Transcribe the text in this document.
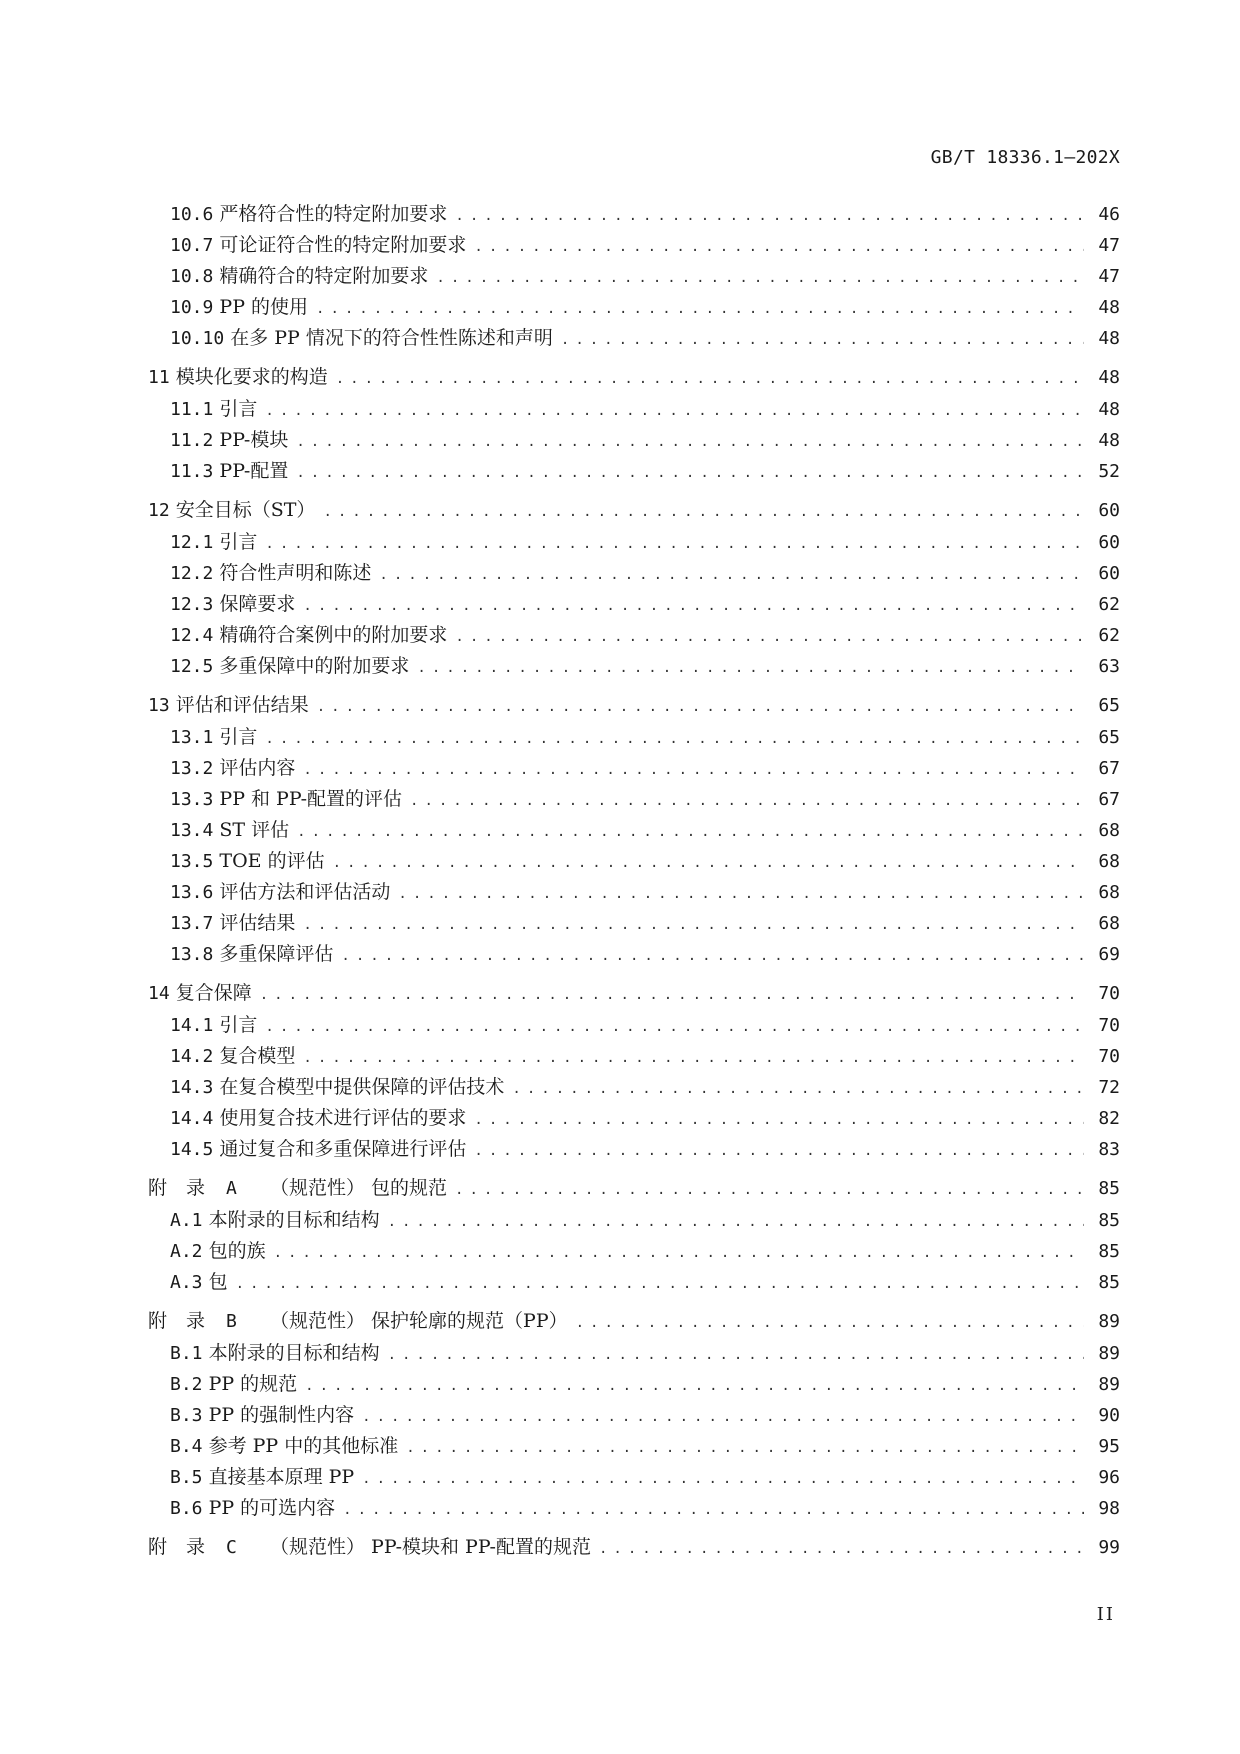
GB/T 18336.1—202X
10.6 严格符合性的特定附加要求 .....	46
10.7 可论证符合性的特定附加要求 .....	47
10.8 精确符合的特定附加要求 .....	47
10.9 PP 的使用 .....	48
10.10 在多 PP 情况下的符合性性陈述和声明 .....	48
11 模块化要求的构造 .....	48
11.1 引言 .....	48
11.2 PP-模块 .....	48
11.3 PP-配置 .....	52
12 安全目标（ST） .....	60
12.1 引言 .....	60
12.2 符合性声明和陈述 .....	60
12.3 保障要求 .....	62
12.4 精确符合案例中的附加要求 .....	62
12.5 多重保障中的附加要求 .....	63
13 评估和评估结果 .....	65
13.1 引言 .....	65
13.2 评估内容 .....	67
13.3 PP 和 PP-配置的评估 .....	67
13.4 ST 评估 .....	68
13.5 TOE 的评估 .....	68
13.6 评估方法和评估活动 .....	68
13.7 评估结果 .....	68
13.8 多重保障评估 .....	69
14 复合保障 .....	70
14.1 引言 .....	70
14.2 复合模型 .....	70
14.3 在复合模型中提供保障的评估技术 .....	72
14.4 使用复合技术进行评估的要求 .....	82
14.5 通过复合和多重保障进行评估 .....	83
附　录 A （规范性） 包的规范 .....	85
A.1 本附录的目标和结构 .....	85
A.2 包的族 .....	85
A.3 包 .....	85
附　录 B （规范性） 保护轮廓的规范（PP） .....	89
B.1 本附录的目标和结构 .....	89
B.2 PP 的规范 .....	89
B.3 PP 的强制性内容 .....	90
B.4 参考 PP 中的其他标准 .....	95
B.5 直接基本原理 PP .....	96
B.6 PP 的可选内容 .....	98
附　录 C （规范性） PP-模块和 PP-配置的规范 .....	99
II
